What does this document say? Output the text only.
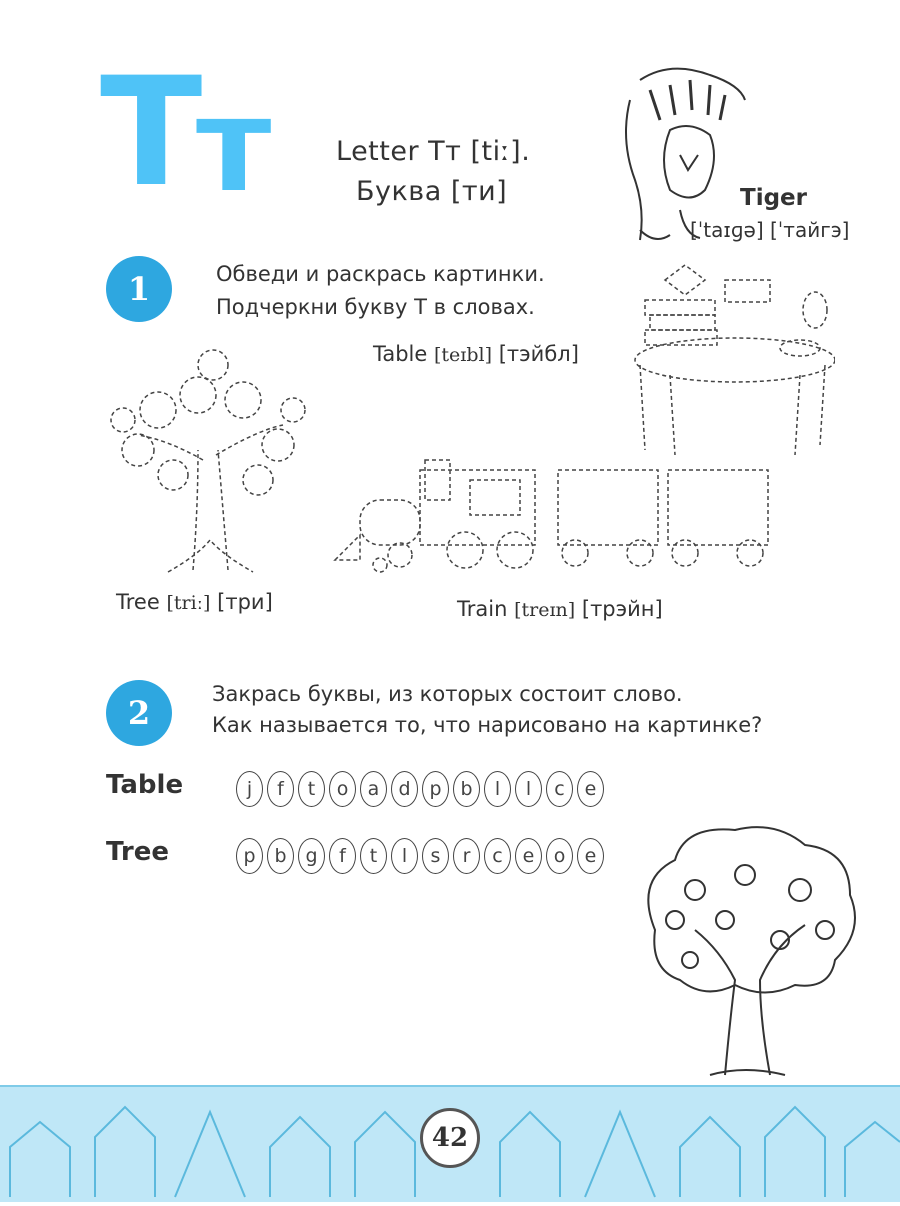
T
т Letter Тт [tiː].
Буква [ти]	Tiger
[ˈtaɪɡə] [ˈтайгэ]
1	Обведи и раскрась картинки.
Подчеркни букву Т в словах.
Table [teɪbl] [тэйбл]
Tree [triː] [три]	Train [treɪn] [трэйн]
2	Закрась буквы, из которых состоит слово.
Как называется то, что нарисовано на картинке?
Table	j	f	t	o	a	d p b	l	l	c	e
Tree	p b g	f	t	l	s	r	c	e	o	e
42
